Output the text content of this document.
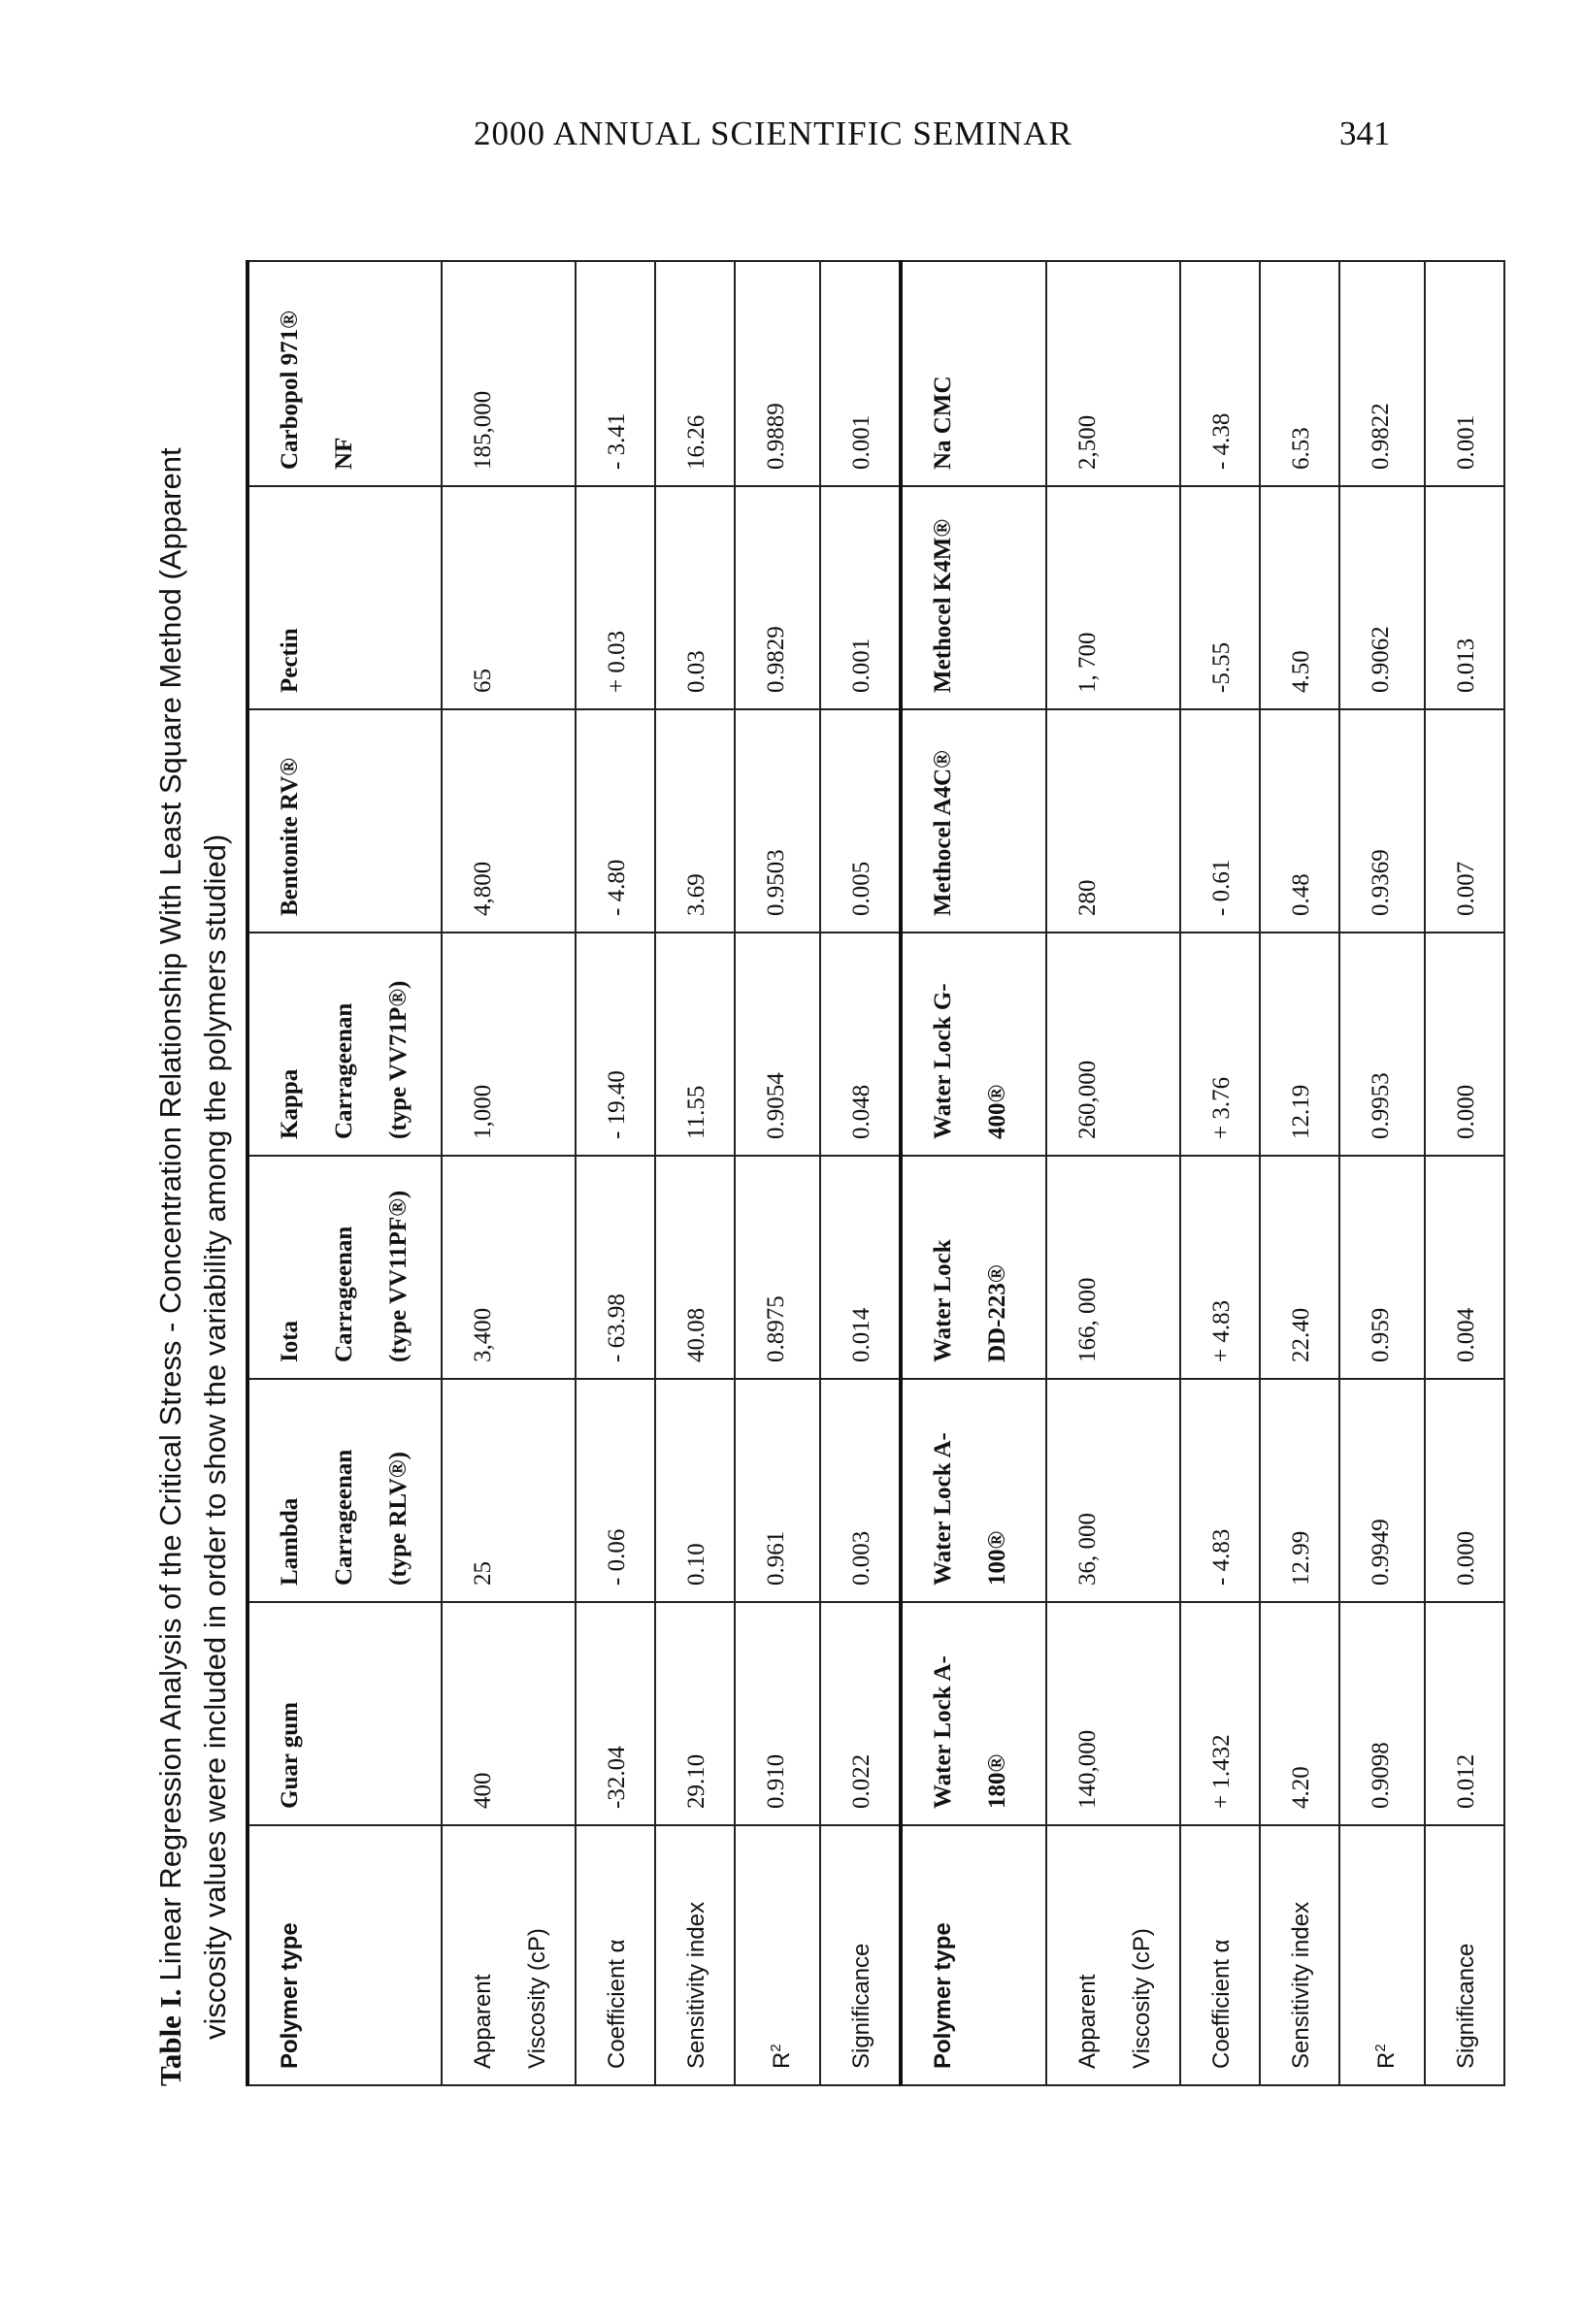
2000 ANNUAL SCIENTIFIC SEMINAR	341
Table I.Linear Regression Analysis of the Critical Stress - Concentration Relationship With Least Square Method (Apparent viscosity values were included in order to show the variability among the polymers studied)	Polymer type	Guar gum	Lambda Carrageenan (type RLV®)	Iota Carrageenan (type VV11PF®)	Kappa Carrageenan (type VV71P®)	Bentonite RV®	Pectin	Carbopol 971® NF

Apparent Viscosity (cP)	400	25	3,400	1,000	4,800	65	185,000

Coefficient α	-32.04	- 0.06	- 63.98	- 19.40	- 4.80	+ 0.03	- 3.41

Sensitivity index	29.10	0.10	40.08	11.55	3.69	0.03	16.26

$R^2$	0.910	0.961	0.8975	0.9054	0.9503	0.9829	0.9889

Significance	0.022	0.003	0.014	0.048	0.005	0.001	0.001

Polymer type	Water Lock A- 180®	Water Lock A- 100®	Water Lock DD-223®	Water Lock G- 400®	Methocel A4C®	Methocel K4M®	Na CMC

Apparent Viscosity (cP)	140,000	36, 000	166, 000	260,000	280	1, 700	2,500

Coefficient α	+ 1.432	- 4.83	+ 4.83	+ 3.76	- 0.61	-5.55	- 4.38

Sensitivity index	4.20	12.99	22.40	12.19	0.48	4.50	6.53

$R^2$	0.9098	0.9949	0.959	0.9953	0.9369	0.9062	0.9822

Significance	0.012	0.000	0.004	0.000	0.007	0.013	0.001
